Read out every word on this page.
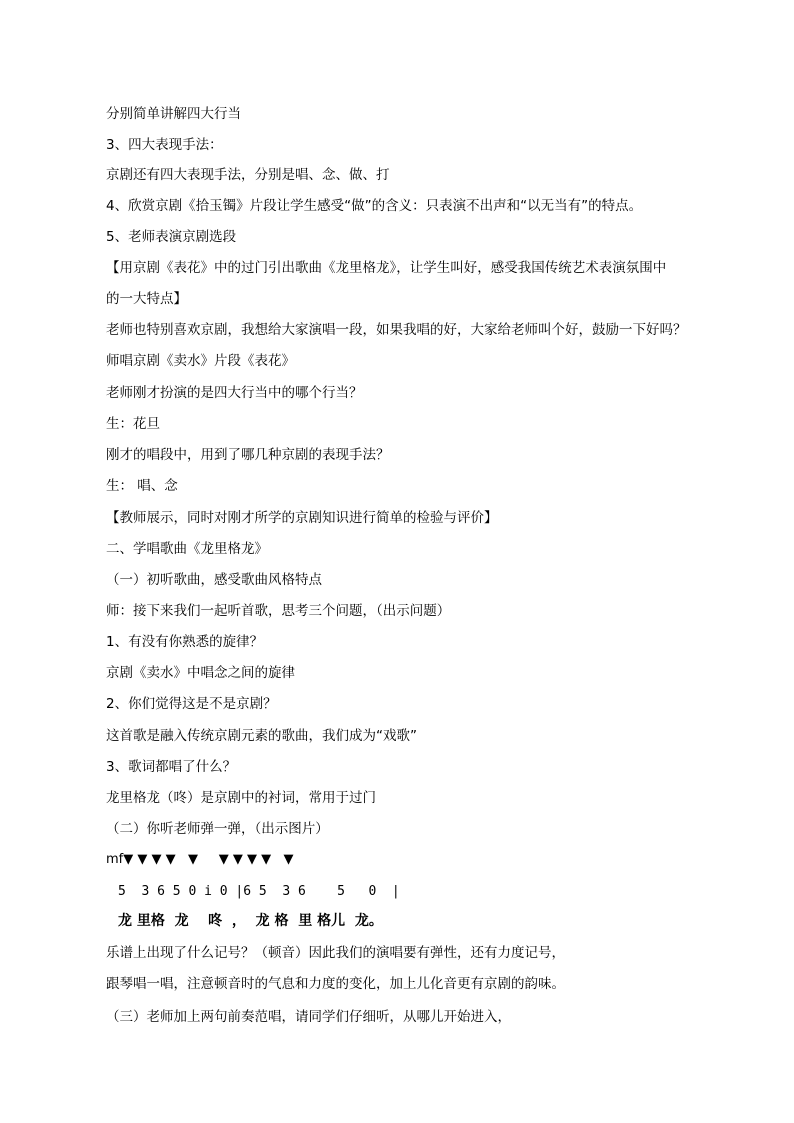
分别简单讲解四大行当
3、四大表现手法：
京剧还有四大表现手法，分别是唱、念、做、打
4、欣赏京剧《拾玉镯》片段让学生感受“做”的含义：只表演不出声和“以无当有”的特点。
5、老师表演京剧选段
【用京剧《表花》中的过门引出歌曲《龙里格龙》，让学生叫好，感受我国传统艺术表演氛围中
的一大特点】
老师也特别喜欢京剧，我想给大家演唱一段，如果我唱的好，大家给老师叫个好，鼓励一下好吗？
师唱京剧《卖水》片段《表花》
老师刚才扮演的是四大行当中的哪个行当？
生：花旦
刚才的唱段中，用到了哪几种京剧的表现手法？
生： 唱、念
【教师展示，同时对刚才所学的京剧知识进行简单的检验与评价】
二、学唱歌曲《龙里格龙》
（一）初听歌曲，感受歌曲风格特点
师：接下来我们一起听首歌，思考三个问题，（出示问题）
1、有没有你熟悉的旋律？
京剧《卖水》中唱念之间的旋律
2、你们觉得这是不是京剧？
这首歌是融入传统京剧元素的歌曲，我们成为“戏歌”
3、歌词都唱了什么？
龙里格龙（咚）是京剧中的衬词，常用于过门
（二）你听老师弹一弹，（出示图片）
乐谱上出现了什么记号？（顿音）因此我们的演唱要有弹性，还有力度记号，
跟琴唱一唱，注意顿音时的气息和力度的变化，加上儿化音更有京剧的韵味。
（三）老师加上两句前奏范唱，请同学们仔细听，从哪儿开始进入，
mf▼ ▼ ▼ ▼   ▼     ▼ ▼ ▼ ▼   ▼
5  3 6 5 0 i 0 |6 5  3 6    5   0  |
龙 里格  龙    咚  ，  龙 格  里 格儿  龙。
